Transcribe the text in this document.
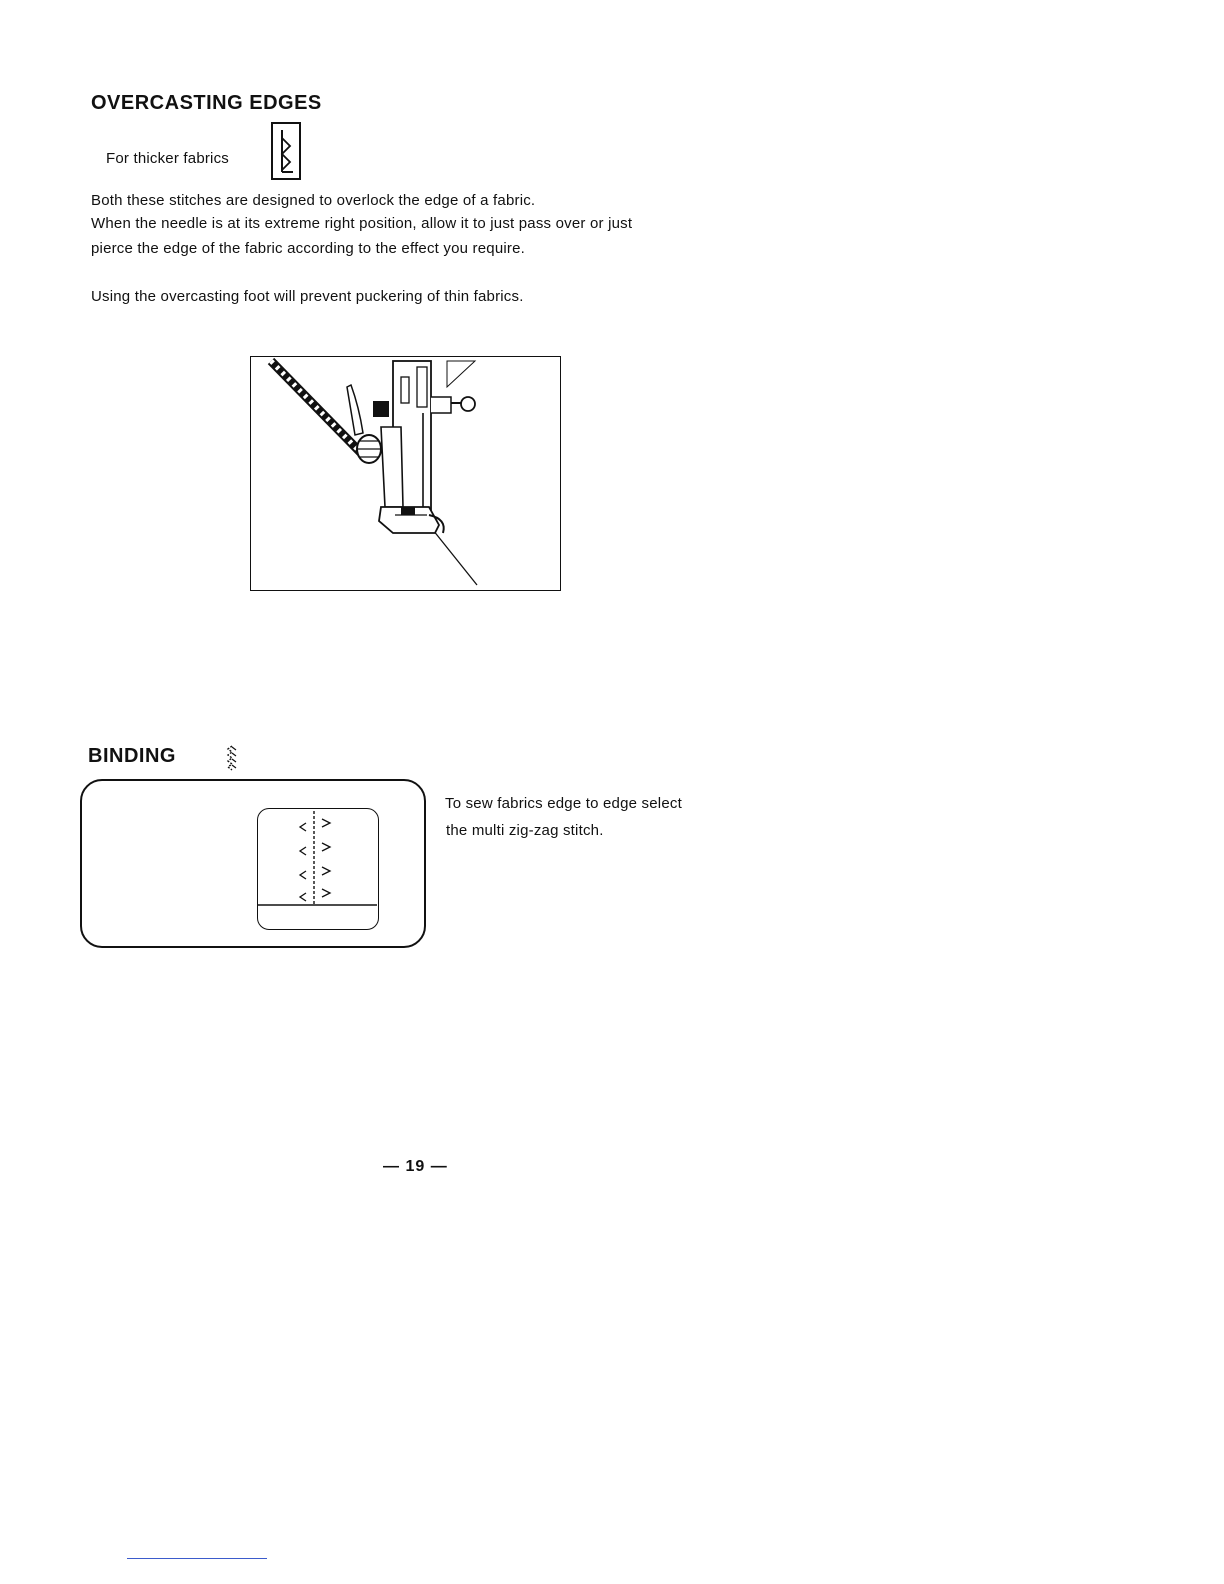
OVERCASTING EDGES
For thicker fabrics
Both these stitches are designed to overlock the edge of a fabric.
When the needle is at its extreme right position, allow it to just pass over or just
pierce the edge of the fabric according to the effect you require.
Using the overcasting foot will prevent puckering of thin fabrics.
BINDING
To sew fabrics edge to edge select
the multi zig-zag stitch.
— 19 —
